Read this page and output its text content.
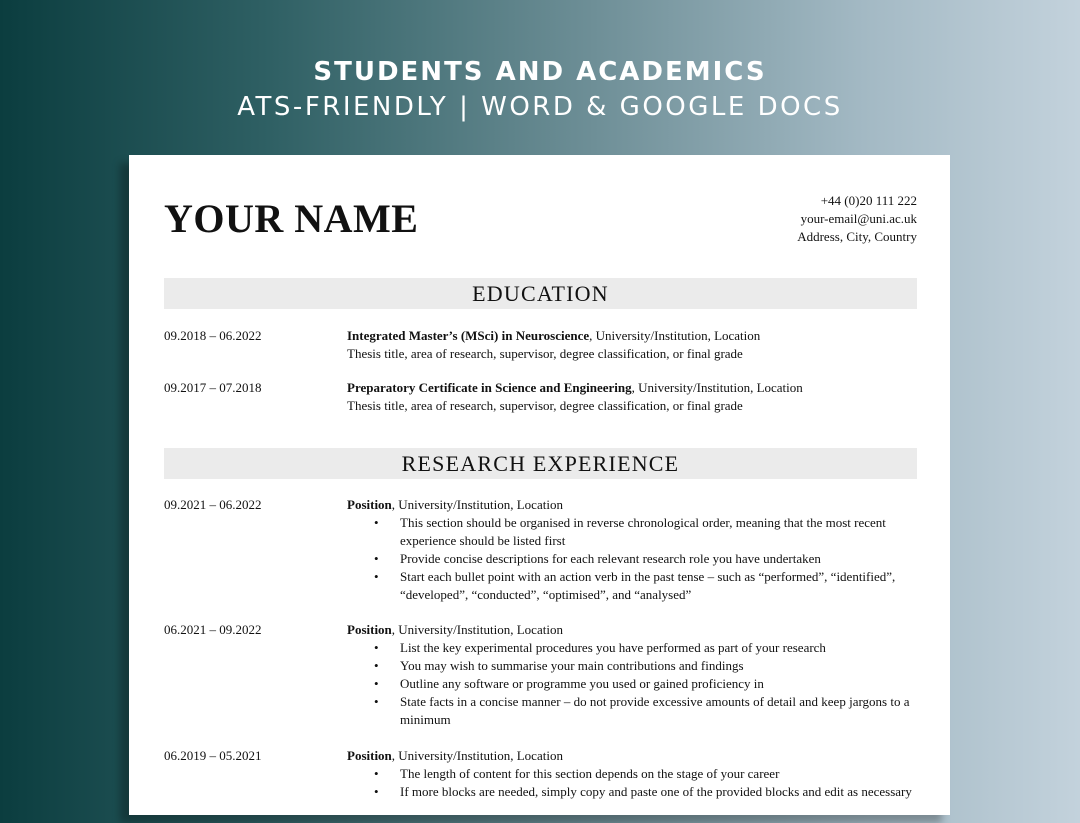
STUDENTS AND ACADEMICS
ATS-FRIENDLY | WORD & GOOGLE DOCS
YOUR NAME	+44 (0)20 111 222
your-email@uni.ac.uk
Address, City, Country
EDUCATION
09.2018 – 06.2022	Integrated Master’s (MSci) in Neuroscience, University/Institution, Location
Thesis title, area of research, supervisor, degree classification, or final grade
09.2017 – 07.2018	Preparatory Certificate in Science and Engineering, University/Institution, Location
Thesis title, area of research, supervisor, degree classification, or final grade
RESEARCH EXPERIENCE
09.2021 – 06.2022	Position, University/Institution, Location
• This section should be organised in reverse chronological order, meaning that the most recent experience should be listed first
• Provide concise descriptions for each relevant research role you have undertaken
• Start each bullet point with an action verb in the past tense – such as “performed”, “identified”, “developed”, “conducted”, “optimised”, and “analysed”
06.2021 – 09.2022	Position, University/Institution, Location
• List the key experimental procedures you have performed as part of your research
• You may wish to summarise your main contributions and findings
• Outline any software or programme you used or gained proficiency in
• State facts in a concise manner – do not provide excessive amounts of detail and keep jargons to a minimum
06.2019 – 05.2021	Position, University/Institution, Location
• The length of content for this section depends on the stage of your career
• If more blocks are needed, simply copy and paste one of the provided blocks and edit as necessary
